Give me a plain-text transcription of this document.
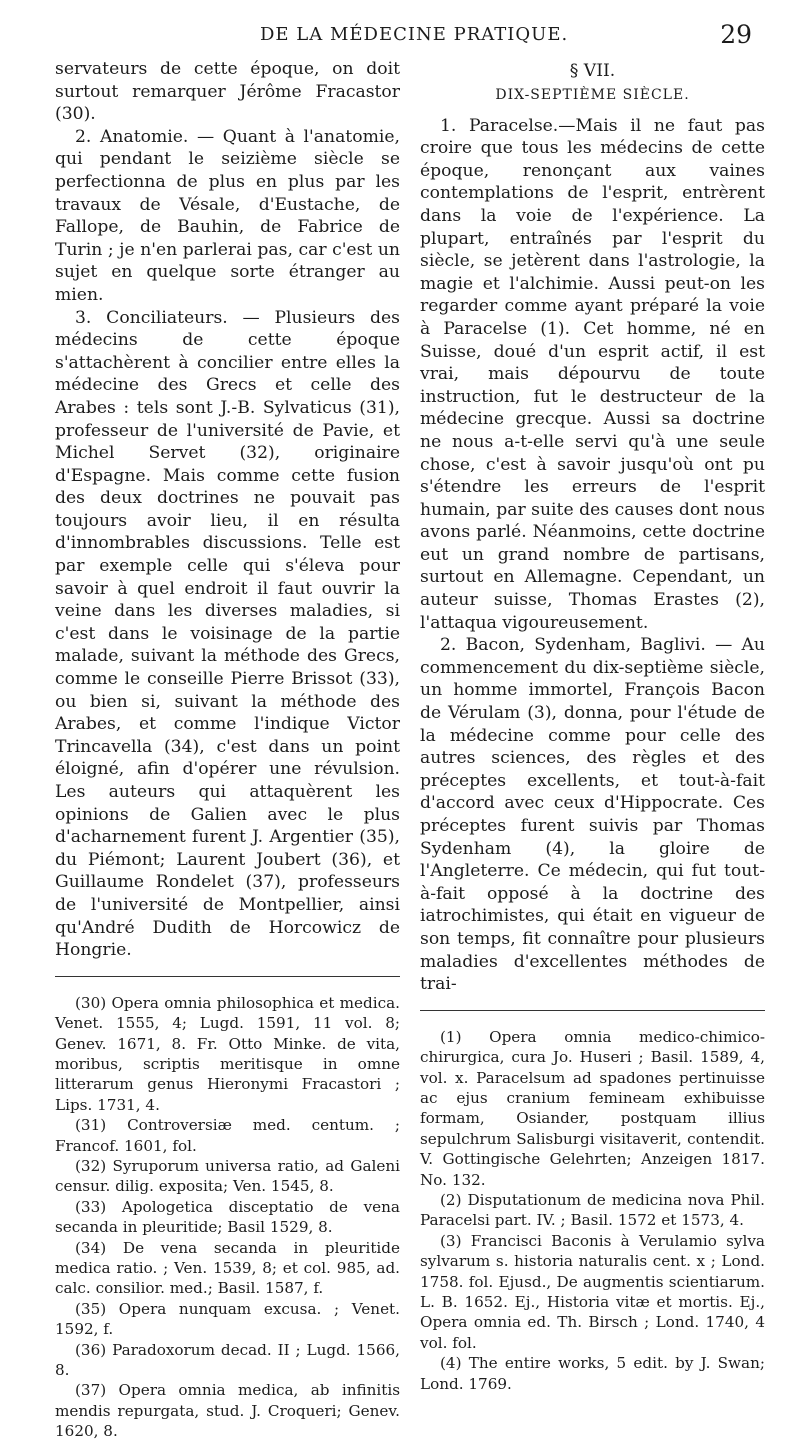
DE LA MÉDECINE PRATIQUE.	29

servateurs de cette époque, on doit surtout remarquer Jérôme Fracastor (30).

2. Anatomie. — Quant à l'anatomie, qui pendant le seizième siècle se perfectionna de plus en plus par les travaux de Vésale, d'Eustache, de Fallope, de Bauhin, de Fabrice de Turin ; je n'en parlerai pas, car c'est un sujet en quelque sorte étranger au mien.

3. Conciliateurs. — Plusieurs des médecins de cette époque s'attachèrent à concilier entre elles la médecine des Grecs et celle des Arabes : tels sont J.-B. Sylvaticus (31), professeur de l'université de Pavie, et Michel Servet (32), originaire d'Espagne. Mais comme cette fusion des deux doctrines ne pouvait pas toujours avoir lieu, il en résulta d'innombrables discussions. Telle est par exemple celle qui s'éleva pour savoir à quel endroit il faut ouvrir la veine dans les diverses maladies, si c'est dans le voisinage de la partie malade, suivant la méthode des Grecs, comme le conseille Pierre Brissot (33), ou bien si, suivant la méthode des Arabes, et comme l'indique Victor Trincavella (34), c'est dans un point éloigné, afin d'opérer une révulsion. Les auteurs qui attaquèrent les opinions de Galien avec le plus d'acharnement furent J. Argentier (35), du Piémont; Laurent Joubert (36), et Guillaume Rondelet (37), professeurs de l'université de Montpellier, ainsi qu'André Dudith de Horcowicz de Hongrie.

(30) Opera omnia philosophica et medica. Venet. 1555, 4; Lugd. 1591, 11 vol. 8; Genev. 1671, 8. Fr. Otto Minke. de vita, moribus, scriptis meritisque in omne litterarum genus Hieronymi Fracastori ; Lips. 1731, 4.

(31) Controversiæ med. centum. ; Francof. 1601, fol.

(32) Syruporum universa ratio, ad Galeni censur. dilig. exposita; Ven. 1545, 8.

(33) Apologetica disceptatio de vena secanda in pleuritide; Basil 1529, 8.

(34) De vena secanda in pleuritide medica ratio. ; Ven. 1539, 8; et col. 985, ad. calc. consilior. med.; Basil. 1587, f.

(35) Opera nunquam excusa. ; Venet. 1592, f.

(36) Paradoxorum decad. II ; Lugd. 1566, 8.

(37) Opera omnia medica, ab infinitis mendis repurgata, stud. J. Croqueri; Genev. 1620, 8.

§ VII.

DIX-SEPTIÈME SIÈCLE.

1. Paracelse.—Mais il ne faut pas croire que tous les médecins de cette époque, renonçant aux vaines contemplations de l'esprit, entrèrent dans la voie de l'expérience. La plupart, entraînés par l'esprit du siècle, se jetèrent dans l'astrologie, la magie et l'alchimie. Aussi peut-on les regarder comme ayant préparé la voie à Paracelse (1). Cet homme, né en Suisse, doué d'un esprit actif, il est vrai, mais dépourvu de toute instruction, fut le destructeur de la médecine grecque. Aussi sa doctrine ne nous a-t-elle servi qu'à une seule chose, c'est à savoir jusqu'où ont pu s'étendre les erreurs de l'esprit humain, par suite des causes dont nous avons parlé. Néanmoins, cette doctrine eut un grand nombre de partisans, surtout en Allemagne. Cependant, un auteur suisse, Thomas Erastes (2), l'attaqua vigoureusement.

2. Bacon, Sydenham, Baglivi. — Au commencement du dix-septième siècle, un homme immortel, François Bacon de Vérulam (3), donna, pour l'étude de la médecine comme pour celle des autres sciences, des règles et des préceptes excellents, et tout-à-fait d'accord avec ceux d'Hippocrate. Ces préceptes furent suivis par Thomas Sydenham (4), la gloire de l'Angleterre. Ce médecin, qui fut tout-à-fait opposé à la doctrine des iatrochimistes, qui était en vigueur de son temps, fit connaître pour plusieurs maladies d'excellentes méthodes de trai-

(1) Opera omnia medico-chimico-chirurgica, cura Jo. Huseri ; Basil. 1589, 4, vol. x. Paracelsum ad spadones pertinuisse ac ejus cranium femineam exhibuisse formam, Osiander, postquam illius sepulchrum Salisburgi visitaverit, contendit. V. Gottingische Gelehrten; Anzeigen 1817. No. 132.

(2) Disputationum de medicina nova Phil. Paracelsi part. IV. ; Basil. 1572 et 1573, 4.

(3) Francisci Baconis à Verulamio sylva sylvarum s. historia naturalis cent. x ; Lond. 1758. fol. Ejusd., De augmentis scientiarum. L. B. 1652. Ej., Historia vitæ et mortis. Ej., Opera omnia ed. Th. Birsch ; Lond. 1740, 4 vol. fol.

(4) The entire works, 5 edit. by J. Swan; Lond. 1769.
